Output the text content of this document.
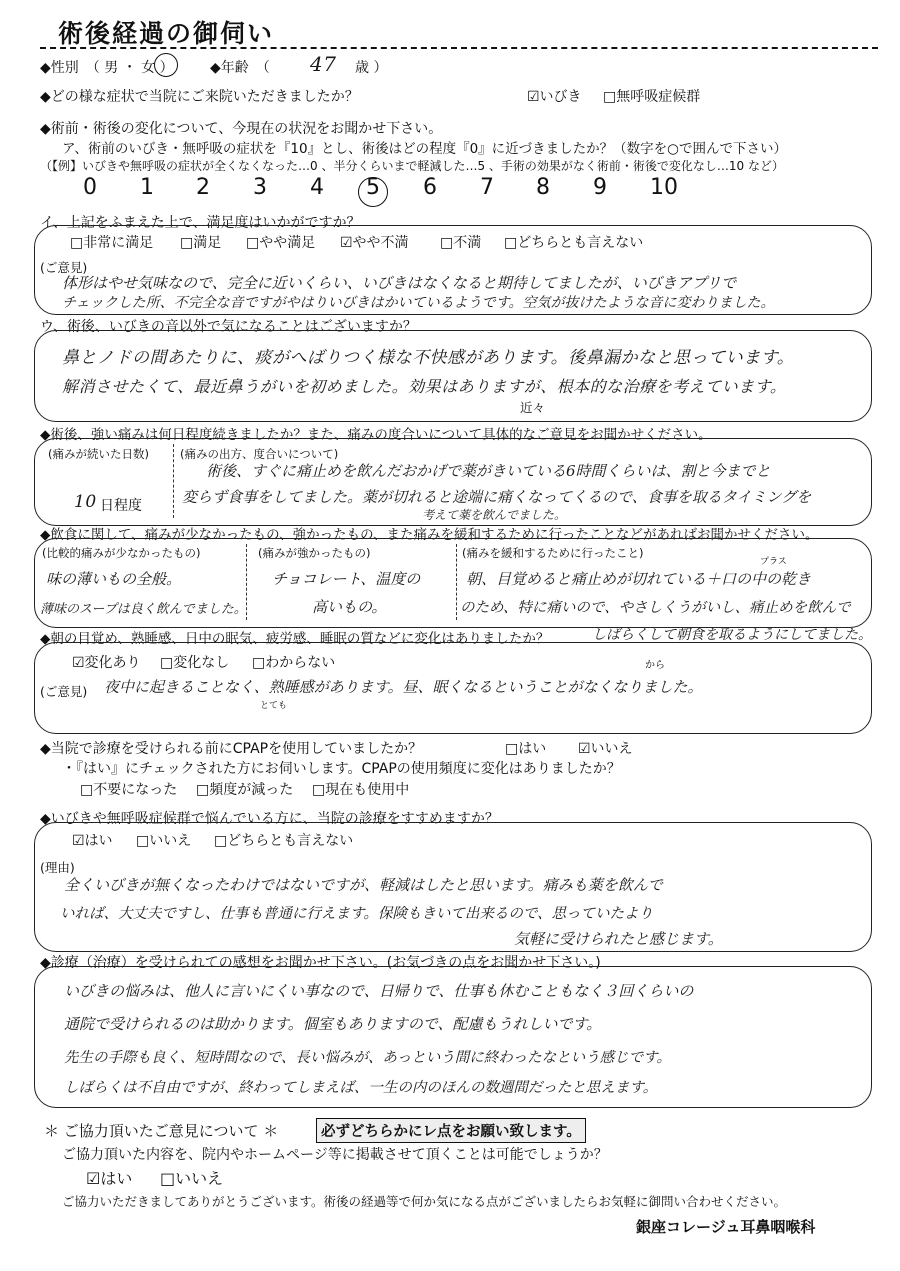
術後経過の御伺い
◆性別　（ 男 ・ 女 ）	◆年齢　（ 47 歳 ）
◆どの様な症状で当院にご来院いただきましたか？	☑いびき □無呼吸症候群
◆術前・術後の変化について、今現在の状況をお聞かせ下さい。
ア、術前のいびき・無呼吸の症状を『10』とし、術後はどの程度『0』に近づきましたか？（数字を○で囲んで下さい）
（【例】いびきや無呼吸の症状が全くなくなった…0 、半分くらいまで軽減した…5 、手術の効果がなく術前・術後で変化なし…10 など）
0 1 2 3 4 5 6 7 8 9 10
イ、上記をふまえた上で、満足度はいかがですか？
□非常に満足 □満足 □やや満足 ☑やや不満 □不満 □どちらとも言えない
(ご意見)
体形はやせ気味なので、完全に近いくらい、いびきはなくなると期待してましたが、いびきアプリで
チェックした所、不完全な音ですがやはりいびきはかいているようです。空気が抜けたような音に変わりました。
ウ、術後、いびきの音以外で気になることはございますか？
鼻とノドの間あたりに、痰がへばりつく様な不快感があります。後鼻漏かなと思っています。
解消させたくて、最近鼻うがいを初めました。効果はありますが、根本的な治療を考えています。
近々
◆術後、強い痛みは何日程度続きましたか？また、痛みの度合いについて具体的なご意見をお聞かせください。
(痛みが続いた日数)
10 日程度
(痛みの出方、度合いについて)
術後、すぐに痛止めを飲んだおかげで薬がきいている6時間くらいは、割と今までと
変らず食事をしてました。薬が切れると途端に痛くなってくるので、食事を取るタイミングを
考えて薬を飲んでました。
◆飲食に関して、痛みが少なかったもの、強かったもの、また痛みを緩和するために行ったことなどがあればお聞かせください。
(比較的痛みが少なかったもの)
味の薄いもの全般。
薄味のスープは良く飲んでました。
(痛みが強かったもの)
チョコレート、温度の
高いもの。
(痛みを緩和するために行ったこと)
プラス
朝、目覚めると痛止めが切れている＋口の中の乾き
のため、特に痛いので、やさしくうがいし、痛止めを飲んで
しばらくして朝食を取るようにしてました。
◆朝の目覚め、熟睡感、日中の眠気、疲労感、睡眠の質などに変化はありましたか？
☑変化あり □変化なし □わからない
(ご意見)
から
夜中に起きることなく、熟睡感があります。昼、眠くなるということがなくなりました。
とても
◆当院で診療を受けられる前にCPAPを使用していましたか？	□はい ☑いいえ
・『はい』にチェックされた方にお伺いします。CPAPの使用頻度に変化はありましたか？
□不要になった □頻度が減った □現在も使用中
◆いびきや無呼吸症候群で悩んでいる方に、当院の診療をすすめますか？
☑はい □いいえ □どちらとも言えない
(理由)
全くいびきが無くなったわけではないですが、軽減はしたと思います。痛みも薬を飲んで
いれば、大丈夫ですし、仕事も普通に行えます。保険もきいて出来るので、思っていたより
気軽に受けられたと感じます。
◆診療（治療）を受けられての感想をお聞かせ下さい。(お気づきの点をお聞かせ下さい。)
いびきの悩みは、他人に言いにくい事なので、日帰りで、仕事も休むこともなく３回くらいの
通院で受けられるのは助かります。個室もありますので、配慮もうれしいです。
先生の手際も良く、短時間なので、長い悩みが、あっという間に終わったなという感じです。
しばらくは不自由ですが、終わってしまえば、一生の内のほんの数週間だったと思えます。
＊ ご協力頂いたご意見について ＊	必ずどちらかにレ点をお願い致します。
ご協力頂いた内容を、院内やホームページ等に掲載させて頂くことは可能でしょうか？
☑はい □いいえ
ご協力いただきましてありがとうございます。術後の経過等で何か気になる点がございましたらお気軽に御問い合わせください。
銀座コレージュ耳鼻咽喉科
